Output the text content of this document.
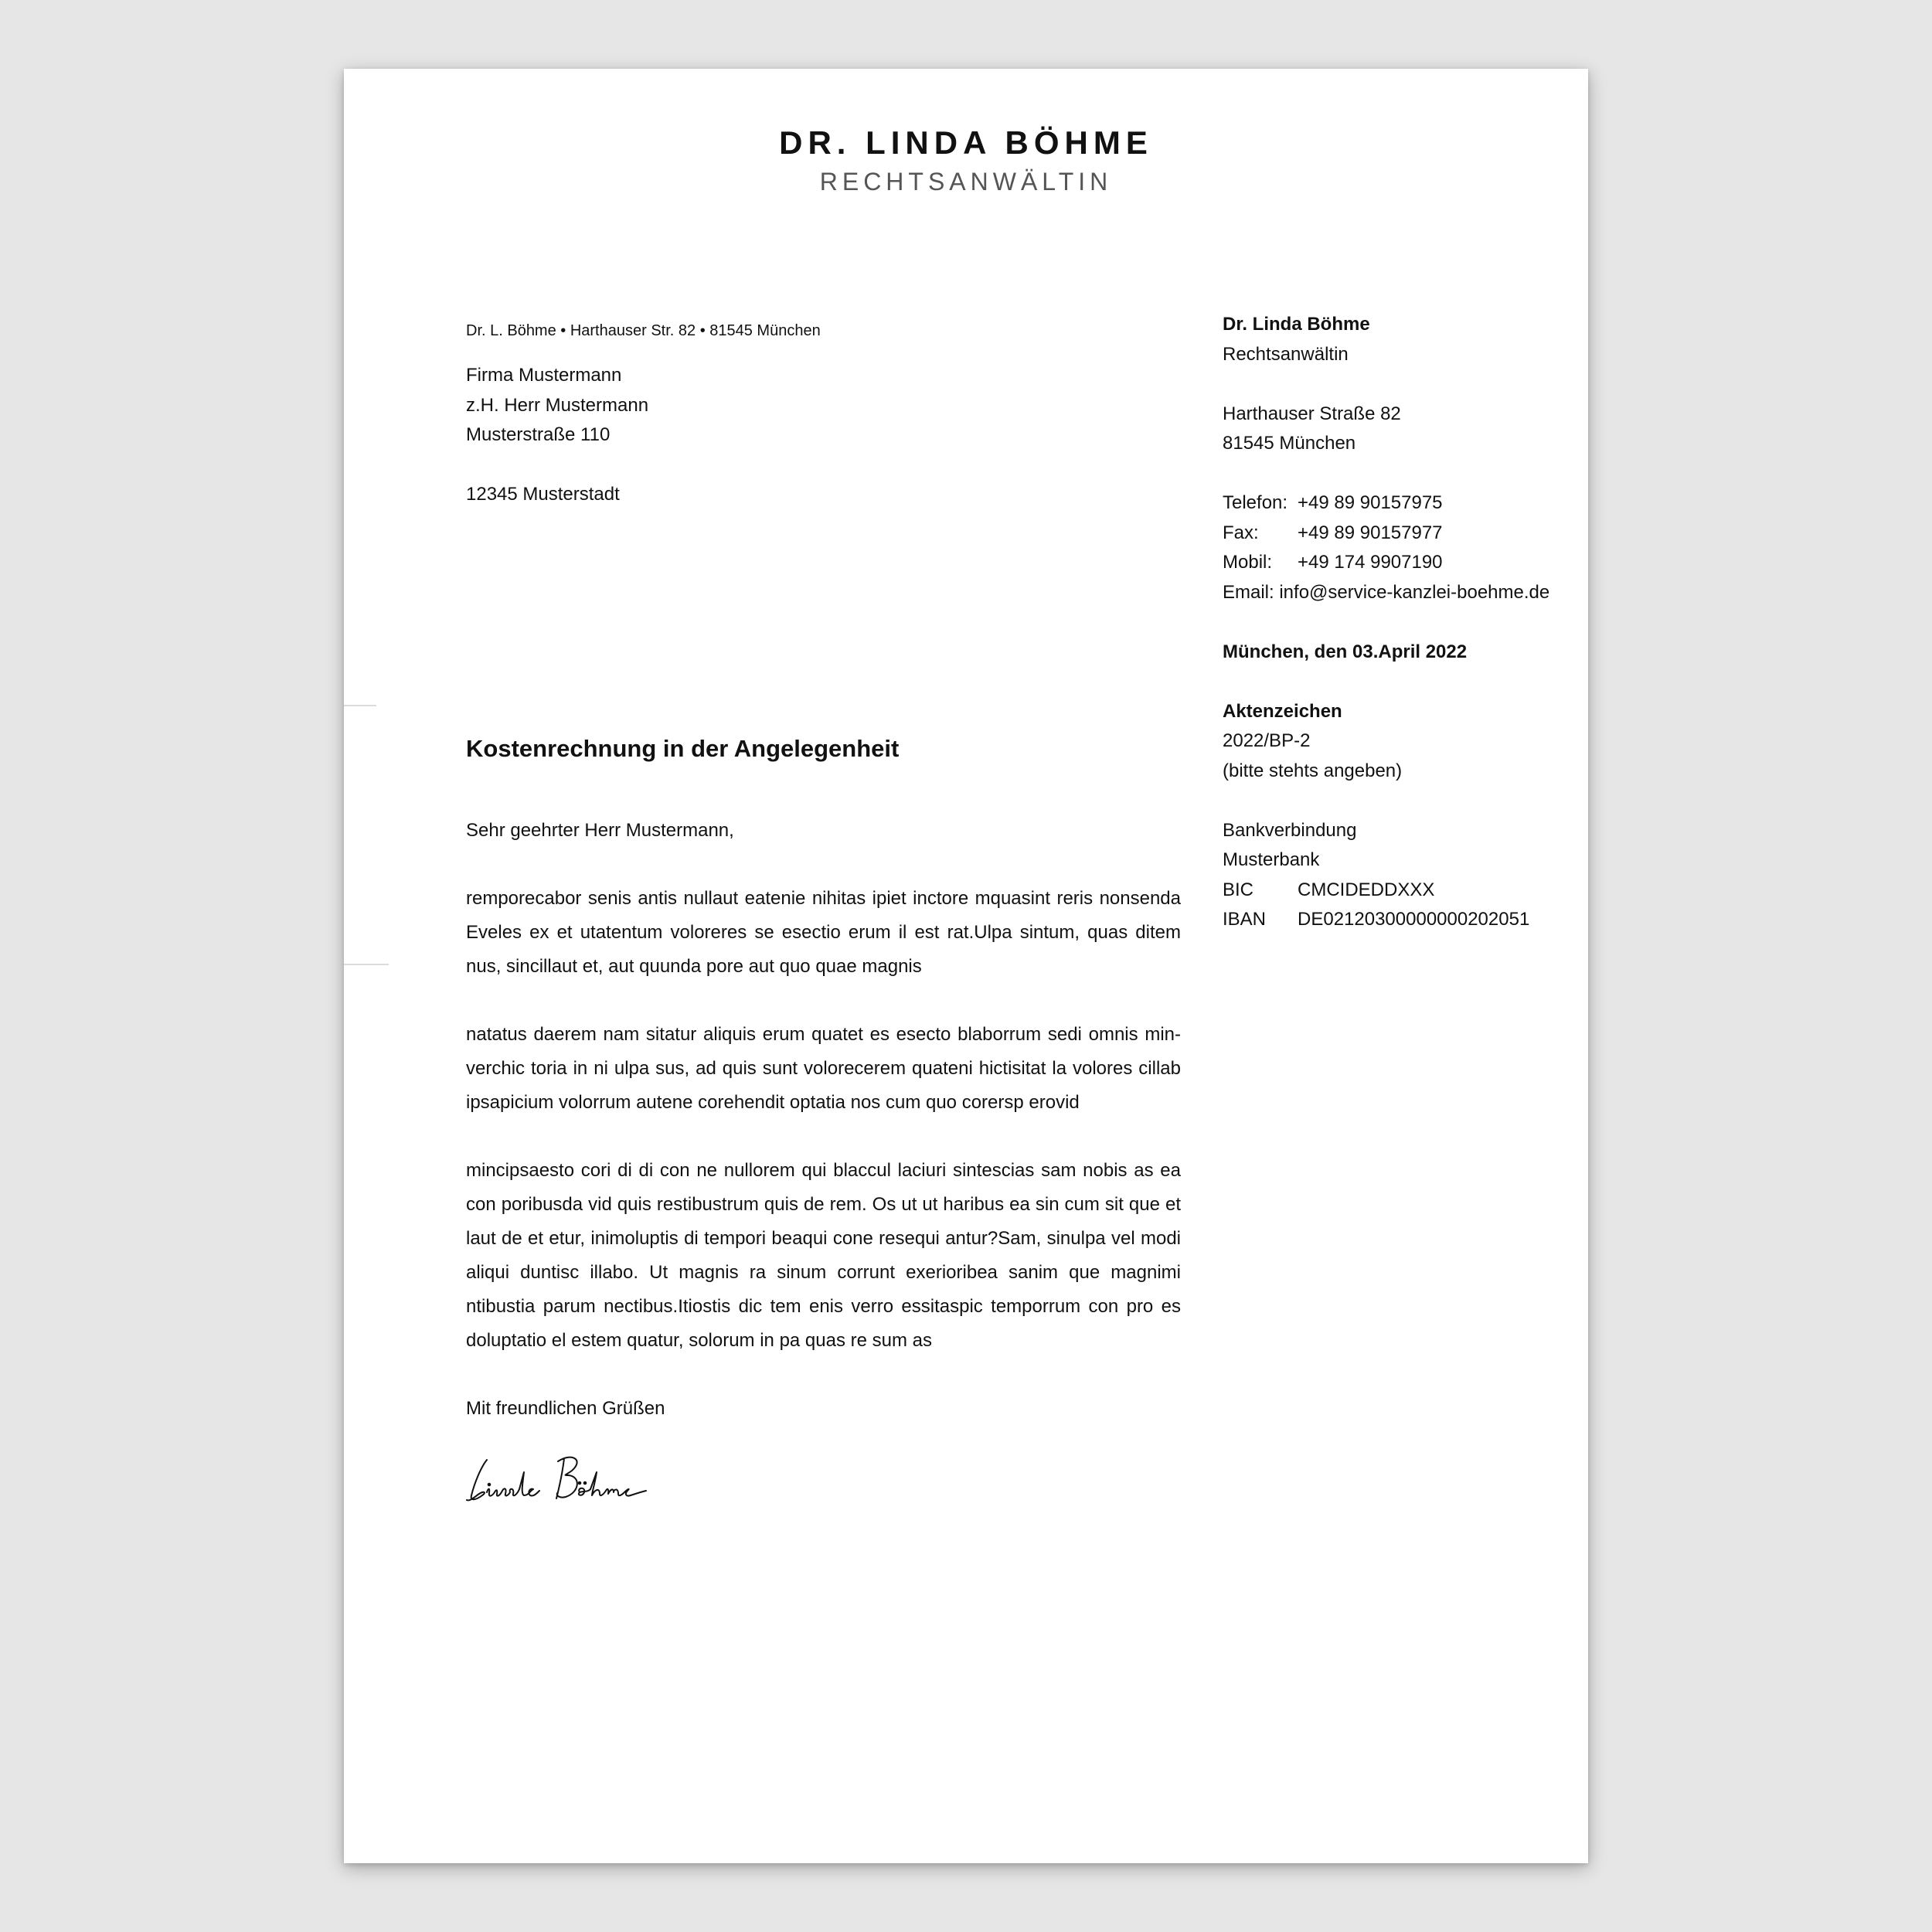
DR. LINDA BÖHME
RECHTSANWÄLTIN
Dr. L. Böhme • Harthauser Str. 82 • 81545 München
Firma Mustermann
z.H. Herr Mustermann
Musterstraße 110
12345 Musterstadt
Dr. Linda Böhme
Rechtsanwältin
Harthauser Straße 82
81545 München
Telefon: +49 89 90157975
Fax:	+49 89 90157977
Mobil:	+49 174 9907190
Email: info@service-kanzlei-boehme.de
München, den 03.April 2022
Aktenzeichen
2022/BP-2
(bitte stehts angeben)
Bankverbindung
Musterbank
BIC	CMCIDEDDXXX
IBAN	DE02120300000000202051
Kostenrechnung in der Angelegenheit

Sehr geehrter Herr Mustermann,

remporecabor senis antis nullaut eatenie nihitas ipiet inctore mquasint reris nonsenda Eveles ex et utatentum voloreres se esectio erum il est rat.Ulpa sintum, quas ditem nus, sincillaut et, aut quunda pore aut quo quae magnis

natatus daerem nam sitatur aliquis erum quatet es esecto blaborrum sedi omnis min-verchic toria in ni ulpa sus, ad quis sunt volorecerem quateni hictisitat la volores cillab ipsapicium volorrum autene corehendit optatia nos cum quo corersp erovid

mincipsaesto cori di di con ne nullorem qui blaccul laciuri sintescias sam nobis as ea con poribusda vid quis restibustrum quis de rem. Os ut ut haribus ea sin cum sit que et laut de et etur, inimoluptis di tempori beaqui cone resequi antur?Sam, sinulpa vel modi aliqui duntisc illabo. Ut magnis ra sinum corrunt exerioribea sanim que magnimi ntibustia parum nectibus.Itiostis dic tem enis verro essitaspic temporrum con pro es doluptatio el estem quatur, solorum in pa quas re sum as

Mit freundlichen Grüßen
